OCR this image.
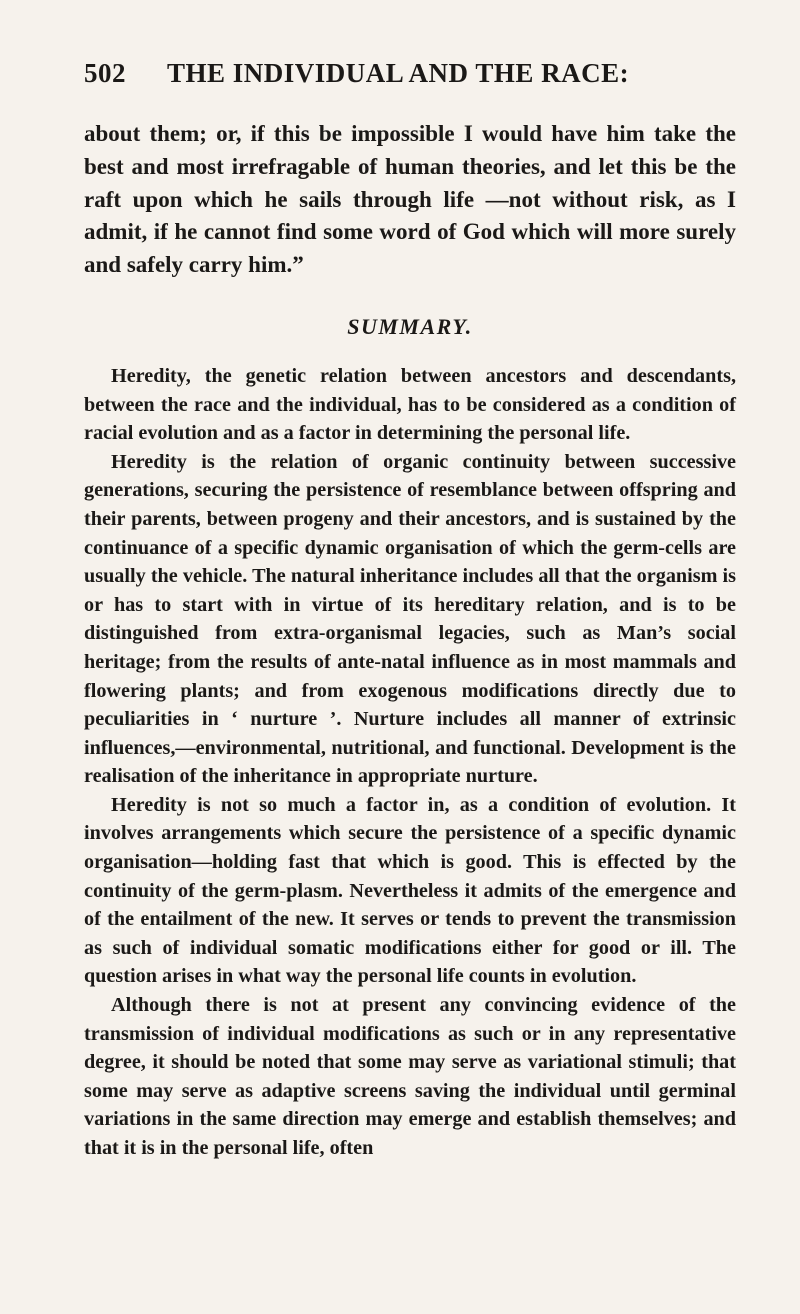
502 THE INDIVIDUAL AND THE RACE:

about them; or, if this be impossible I would have him take the best and most irrefragable of human theories, and let this be the raft upon which he sails through life —not without risk, as I admit, if he cannot find some word of God which will more surely and safely carry him.”

SUMMARY.

Heredity, the genetic relation between ancestors and descendants, between the race and the individual, has to be considered as a condition of racial evolution and as a factor in determining the personal life.

Heredity is the relation of organic continuity between successive generations, securing the persistence of resemblance between offspring and their parents, between progeny and their ancestors, and is sustained by the continuance of a specific dynamic organisation of which the germ-cells are usually the vehicle. The natural inheritance includes all that the organism is or has to start with in virtue of its hereditary relation, and is to be distinguished from extra-organismal legacies, such as Man’s social heritage; from the results of ante-natal influence as in most mammals and flowering plants; and from exogenous modifications directly due to peculiarities in ‘ nurture ’. Nurture includes all manner of extrinsic influences,—environmental, nutritional, and functional. Development is the realisation of the inheritance in appropriate nurture.

Heredity is not so much a factor in, as a condition of evolution. It involves arrangements which secure the persistence of a specific dynamic organisation—holding fast that which is good. This is effected by the continuity of the germ-plasm. Nevertheless it admits of the emergence and of the entailment of the new. It serves or tends to prevent the transmission as such of individual somatic modifications either for good or ill. The question arises in what way the personal life counts in evolution.

Although there is not at present any convincing evidence of the transmission of individual modifications as such or in any representative degree, it should be noted that some may serve as variational stimuli; that some may serve as adaptive screens saving the individual until germinal variations in the same direction may emerge and establish themselves; and that it is in the personal life, often
